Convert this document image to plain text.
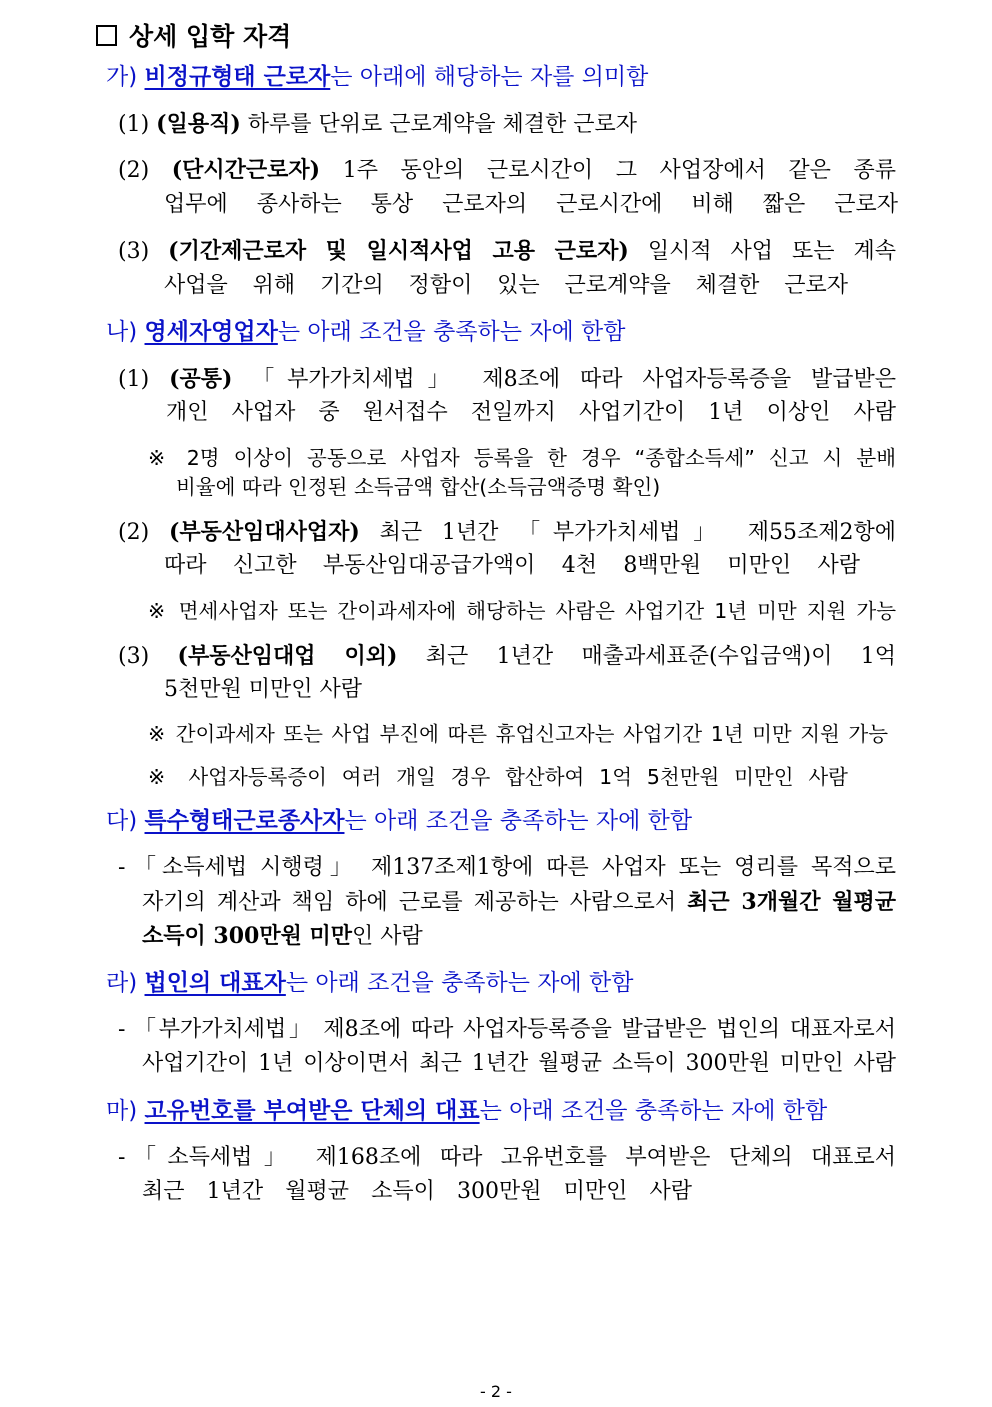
상세 입학 자격
가) 비정규형태 근로자는 아래에 해당하는 자를 의미함
(1) (일용직) 하루를 단위로 근로계약을 체결한 근로자
(2) (단시간근로자) 1주 동안의 근로시간이 그 사업장에서 같은 종류
업무에 종사하는 통상 근로자의 근로시간에 비해 짧은 근로자
(3) (기간제근로자 및 일시적사업 고용 근로자) 일시적 사업 또는 계속
사업을 위해 기간의 정함이 있는 근로계약을 체결한 근로자
나) 영세자영업자는 아래 조건을 충족하는 자에 한함
(1) (공통) 「부가가치세법」 제8조에 따라 사업자등록증을 발급받은
개인 사업자 중 원서접수 전일까지 사업기간이 1년 이상인 사람
※ 2명 이상이 공동으로 사업자 등록을 한 경우 “종합소득세” 신고 시 분배
비율에 따라 인정된 소득금액 합산(소득금액증명 확인)
(2) (부동산임대사업자) 최근 1년간 「부가가치세법」 제55조제2항에
따라 신고한 부동산임대공급가액이 4천 8백만원 미만인 사람
※ 면세사업자 또는 간이과세자에 해당하는 사람은 사업기간 1년 미만 지원 가능
(3) (부동산임대업 이외) 최근 1년간 매출과세표준(수입금액)이 1억
5천만원 미만인 사람
※ 간이과세자 또는 사업 부진에 따른 휴업신고자는 사업기간 1년 미만 지원 가능
※ 사업자등록증이 여러 개일 경우 합산하여 1억 5천만원 미만인 사람
다) 특수형태근로종사자는 아래 조건을 충족하는 자에 한함
- 「소득세법 시행령」 제137조제1항에 따른 사업자 또는 영리를 목적으로
자기의 계산과 책임 하에 근로를 제공하는 사람으로서 최근 3개월간 월평균
소득이 300만원 미만인 사람
라) 법인의 대표자는 아래 조건을 충족하는 자에 한함
- 「부가가치세법」 제8조에 따라 사업자등록증을 발급받은 법인의 대표자로서
사업기간이 1년 이상이면서 최근 1년간 월평균 소득이 300만원 미만인 사람
마) 고유번호를 부여받은 단체의 대표는 아래 조건을 충족하는 자에 한함
- 「소득세법」 제168조에 따라 고유번호를 부여받은 단체의 대표로서
최근 1년간 월평균 소득이 300만원 미만인 사람
- 2 -
